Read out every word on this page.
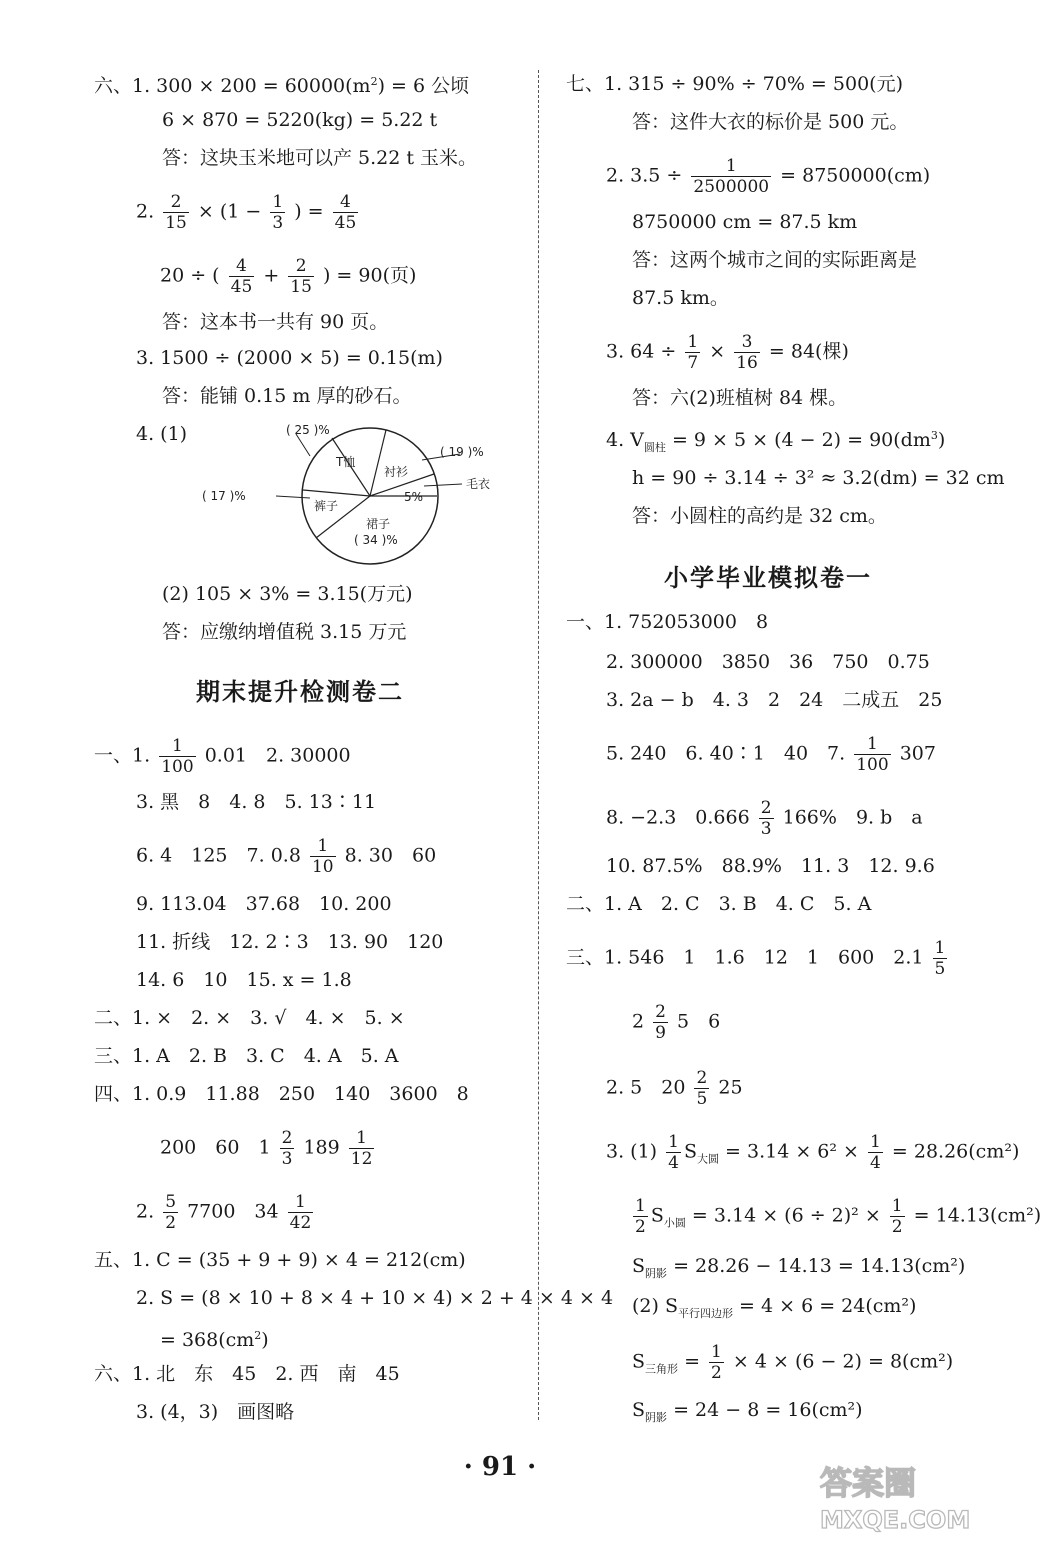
六、1. $300 \times 200 = 60000(m^2) = 6$ 公顷
6 × 870 = 5220(kg) = 5.22 t
答：这块玉米地可以产 5.22 t 玉米。
2. $\frac{2}{15} \times (1 - \frac{1}{3}$ ) = $\frac{4}{45}$
20 ÷ ( $\frac{4}{45} + \frac{2}{15}$ ) = 90(页)
答：这本书一共有 90 页。
3. 1500 ÷ (2000 × 5) = 0.15(m)
答：能铺 0.15 m 厚的砂石。
4. (1)	( 25 )%
T恤
衬衫
( 19 )%
毛衣
( 17 )%
裤子
5%
裙子
( 34 )%
(2) 105 × 3% = 3.15(万元)
答：应缴纳增值税 3.15 万元
期末提升检测卷二
一、1. $\frac{1}{100} 0.01$　2. 30000
3. 黑　8　4. 8　5. 13∶11
6. 4　125　7. $0.8 \frac{1}{10} 8$. 30　60
9. 113.04　37.68　10. 200
11. 折线　12. 2∶3　13. 90　120
14. 6　10　15. x = 1.8
二、1. ×　2. ×　3. √　4. ×　5. ×
三、1. A　2. B　3. C　4. A　5. A
四、1. 0.9　11.88　250　140　3600　8
200　60　$1 \frac{2}{3} 189 \frac{1}{12}$
2. $\frac{5}{2} 7700$　$34 \frac{1}{42}$
五、1. C = (35 + 9 + 9) × 4 = 212(cm)
2. S = (8 × 10 + 8 × 4 + 10 × 4) × 2 + 4 × 4 × 4
= $368(cm^2)$
六、1. 北　东　45　2. 西　南　45
3. (4，3)　画图略
七、1. 315 ÷ 90% ÷ 70% = 500(元)
答：这件大衣的标价是 500 元。
2. $3.5 \div \frac{1}{2500000} = 8750000(cm)$
8750000 cm = 87.5 km
答：这两个城市之间的实际距离是
87.5 km。
3. $64 \div \frac{1}{7} \times \frac{3}{16} = 84$(棵)
答：六(2)班植树 84 棵。
4. $V_{圆柱} = 9 \times 5 \times (4 - 2) = 90(dm^3)$
h = 90 ÷ 3.14 ÷ 3² ≈ 3.2(dm) = 32 cm
答：小圆柱的高约是 32 cm。
小学毕业模拟卷一
一、1. 752053000　8
2. 300000　3850　36　750　0.75
3. 2a − b　4. 3　2　24　二成五　25
5. 240　6. 40∶1　40　7. $\frac{1}{100} 307$
8. −2.3　$0.666 \frac{2}{3} 166\%$　9. b　a
10. 87.5%　88.9%　11. 3　12. 9.6
二、1. A　2. C　3. B　4. C　5. A
三、1. 546　1　1.6　12　1　600　$2.1 \frac{1}{5}$
$2 \frac{2}{9} 5$　6
2. 5　$20 \frac{2}{5} 25$
3. $(1) \frac{1}{4} S_{大圆} = 3.14 \times 6^2 \times \frac{1}{4} = 28.26(cm^2)$
$\frac{1}{2} S_{小圆} = 3.14 \times (6 \div 2)^2 \times \frac{1}{2} = 14.13(cm^2)$
$S_{阴影} = 28.26 - 14.13 = 14.13(cm^2)$
(2) $S_{平行四边形} = 4 \times 6 = 24(cm^2)$
$S_{三角形} = \frac{1}{2} \times 4 \times (6 - 2) = 8(cm^2)$
$S_{阴影} = 24 - 8 = 16(cm^2)$
· 91 ·	答案圈
MXQE.COM
